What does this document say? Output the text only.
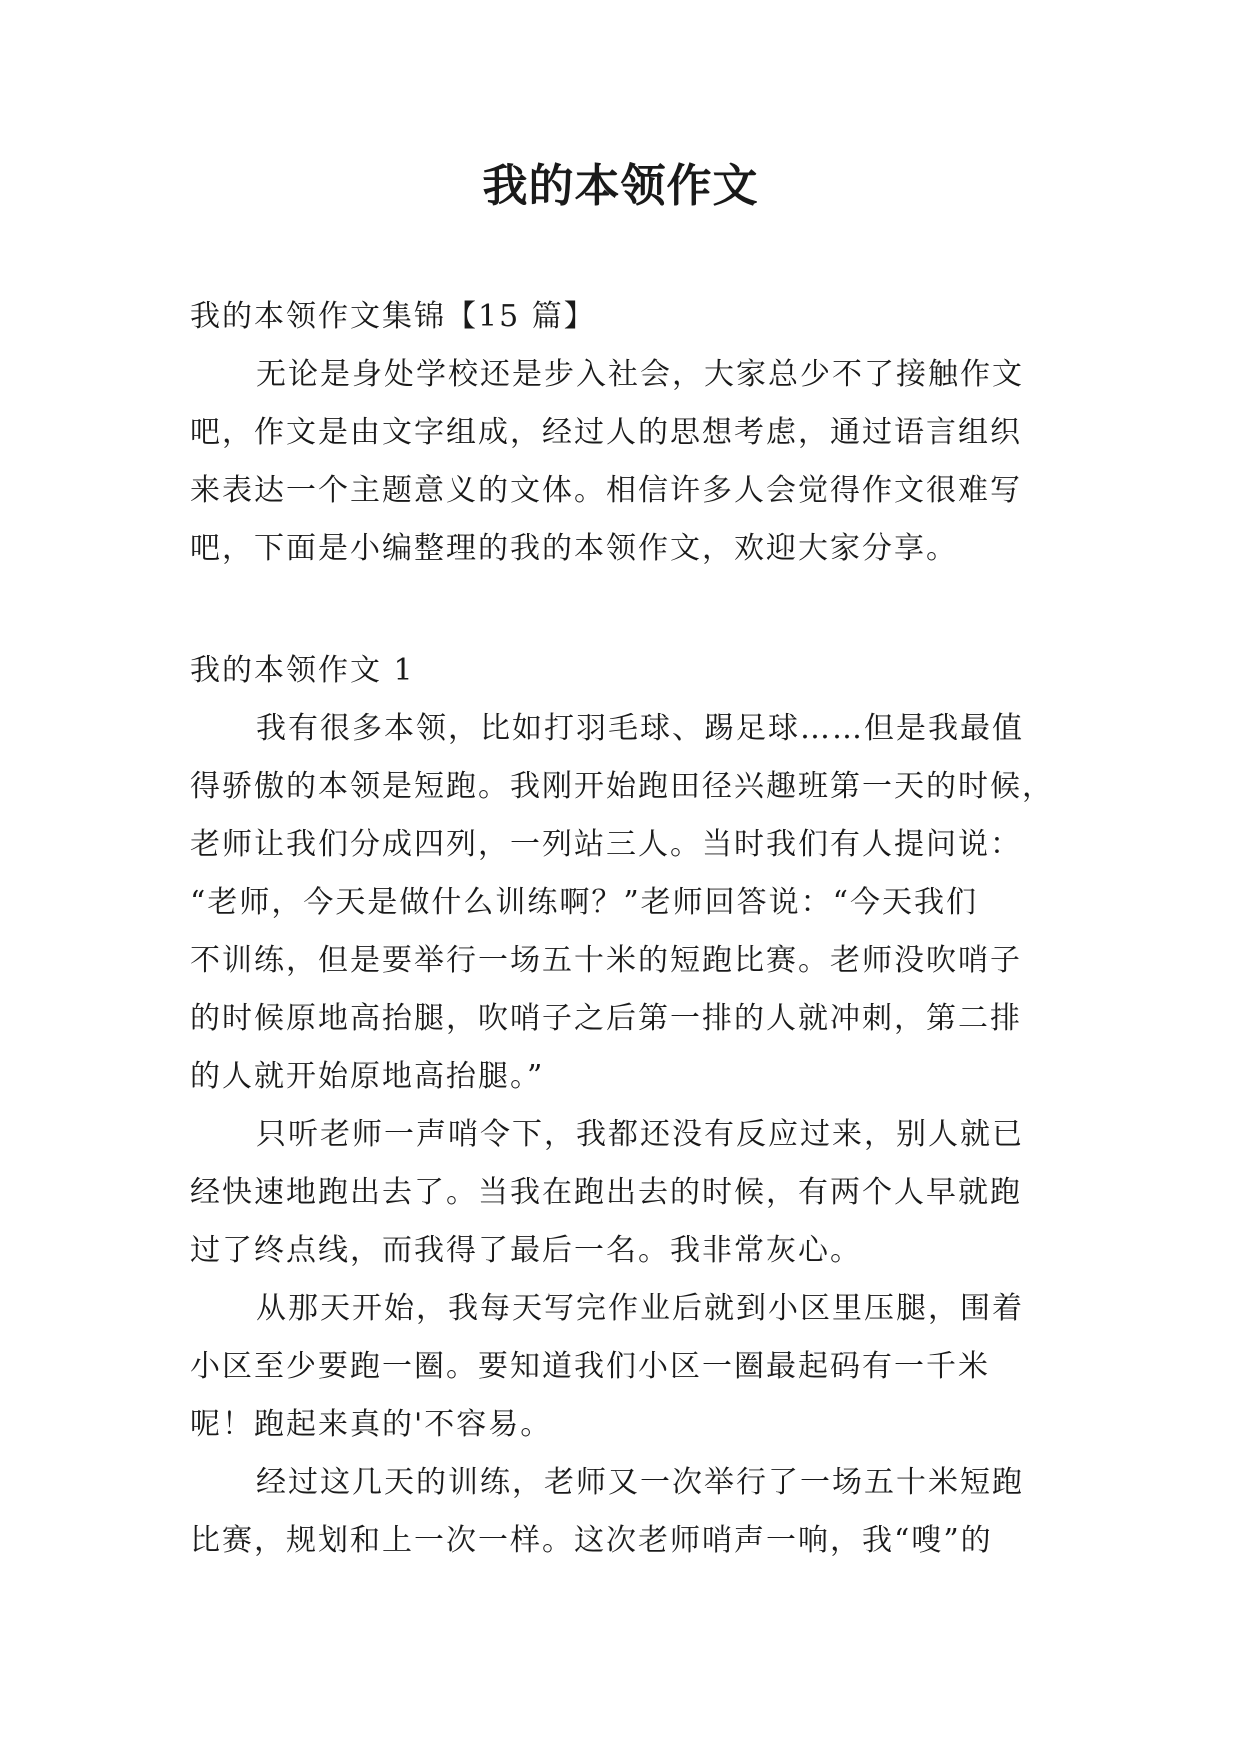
我的本领作文
我的本领作文集锦【15 篇】
无论是身处学校还是步入社会，大家总少不了接触作文
吧，作文是由文字组成，经过人的思想考虑，通过语言组织
来表达一个主题意义的文体。相信许多人会觉得作文很难写
吧，下面是小编整理的我的本领作文，欢迎大家分享。
我的本领作文 1
我有很多本领，比如打羽毛球、踢足球……但是我最值
得骄傲的本领是短跑。我刚开始跑田径兴趣班第一天的时候，
老师让我们分成四列，一列站三人。当时我们有人提问说：
“老师，今天是做什么训练啊？”老师回答说：“今天我们
不训练，但是要举行一场五十米的短跑比赛。老师没吹哨子
的时候原地高抬腿，吹哨子之后第一排的人就冲刺，第二排
的人就开始原地高抬腿。”
只听老师一声哨令下，我都还没有反应过来，别人就已
经快速地跑出去了。当我在跑出去的时候，有两个人早就跑
过了终点线，而我得了最后一名。我非常灰心。
从那天开始，我每天写完作业后就到小区里压腿，围着
小区至少要跑一圈。要知道我们小区一圈最起码有一千米
呢！跑起来真的'不容易。
经过这几天的训练，老师又一次举行了一场五十米短跑
比赛，规划和上一次一样。这次老师哨声一响，我“嗖”的
